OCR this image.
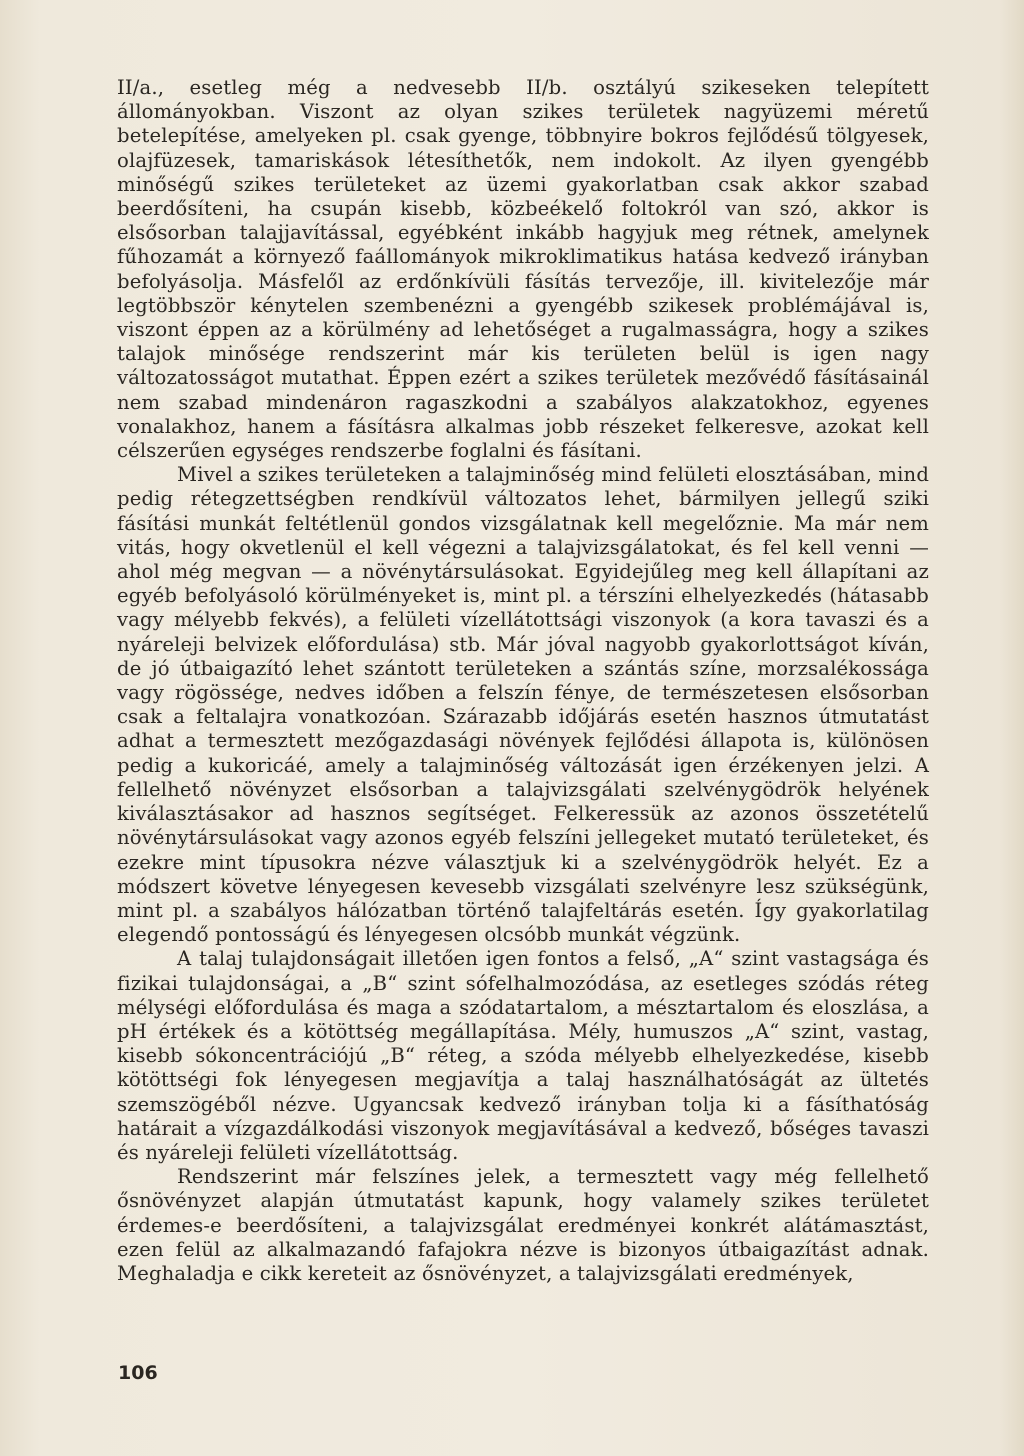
II/a., esetleg még a nedvesebb II/b. osztályú szikeseken telepített állományokban. Viszont az olyan szikes területek nagyüzemi méretű betelepítése, amelyeken pl. csak gyenge, többnyire bokros fejlődésű tölgyesek, olajfüzesek, tamariskások létesíthetők, nem indokolt. Az ilyen gyengébb minőségű szikes területeket az üzemi gyakorlatban csak akkor szabad beerdősíteni, ha csupán kisebb, közbeékelő foltokról van szó, akkor is elsősorban talajjavítással, egyébként inkább hagyjuk meg rétnek, amelynek fűhozamát a környező faállományok mikroklimatikus hatása kedvező irányban befolyásolja. Másfelől az erdőnkívüli fásítás tervezője, ill. kivitelezője már legtöbbször kénytelen szembenézni a gyengébb szikesek problémájával is, viszont éppen az a körülmény ad lehetőséget a rugalmasságra, hogy a szikes talajok minősége rendszerint már kis területen belül is igen nagy változatosságot mutathat. Éppen ezért a szikes területek mezővédő fásításainál nem szabad mindenáron ragaszkodni a szabályos alakzatokhoz, egyenes vonalakhoz, hanem a fásításra alkalmas jobb részeket felkeresve, azokat kell célszerűen egységes rendszerbe foglalni és fásítani.

Mivel a szikes területeken a talajminőség mind felületi elosztásában, mind pedig rétegzettségben rendkívül változatos lehet, bármilyen jellegű sziki fásítási munkát feltétlenül gondos vizsgálatnak kell megelőznie. Ma már nem vitás, hogy okvetlenül el kell végezni a talajvizsgálatokat, és fel kell venni — ahol még megvan — a növénytársulásokat. Egyidejűleg meg kell állapítani az egyéb befolyásoló körülményeket is, mint pl. a térszíni elhelyezkedés (hátasabb vagy mélyebb fekvés), a felületi vízellátottsági viszonyok (a kora tavaszi és a nyáreleji belvizek előfordulása) stb. Már jóval nagyobb gyakorlottságot kíván, de jó útbaigazító lehet szántott területeken a szántás színe, morzsalékossága vagy rögössége, nedves időben a felszín fénye, de természetesen elsősorban csak a feltalajra vonatkozóan. Szárazabb időjárás esetén hasznos útmutatást adhat a termesztett mezőgazdasági növények fejlődési állapota is, különösen pedig a kukoricáé, amely a talajminőség változását igen érzékenyen jelzi. A fellelhető növényzet elsősorban a talajvizsgálati szelvénygödrök helyének kiválasztásakor ad hasznos segítséget. Felkeressük az azonos összetételű növénytársulásokat vagy azonos egyéb felszíni jellegeket mutató területeket, és ezekre mint típusokra nézve választjuk ki a szelvénygödrök helyét. Ez a módszert követve lényegesen kevesebb vizsgálati szelvényre lesz szükségünk, mint pl. a szabályos hálózatban történő talajfeltárás esetén. Így gyakorlatilag elegendő pontosságú és lényegesen olcsóbb munkát végzünk.

A talaj tulajdonságait illetően igen fontos a felső, „A“ szint vastagsága és fizikai tulajdonságai, a „B“ szint sófelhalmozódása, az esetleges szódás réteg mélységi előfordulása és maga a szódatartalom, a mésztartalom és eloszlása, a pH értékek és a kötöttség megállapítása. Mély, humuszos „A“ szint, vastag, kisebb sókoncentrációjú „B“ réteg, a szóda mélyebb elhelyezkedése, kisebb kötöttségi fok lényegesen megjavítja a talaj használhatóságát az ültetés szemszögéből nézve. Ugyancsak kedvező irányban tolja ki a fásíthatóság határait a vízgazdálkodási viszonyok megjavításával a kedvező, bőséges tavaszi és nyáreleji felületi vízellátottság.

Rendszerint már felszínes jelek, a termesztett vagy még fellelhető ősnövényzet alapján útmutatást kapunk, hogy valamely szikes területet érdemes-e beerdősíteni, a talajvizsgálat eredményei konkrét alátámasztást, ezen felül az alkalmazandó fafajokra nézve is bizonyos útbaigazítást adnak. Meghaladja e cikk kereteit az ősnövényzet, a talajvizsgálati eredmények,

106
